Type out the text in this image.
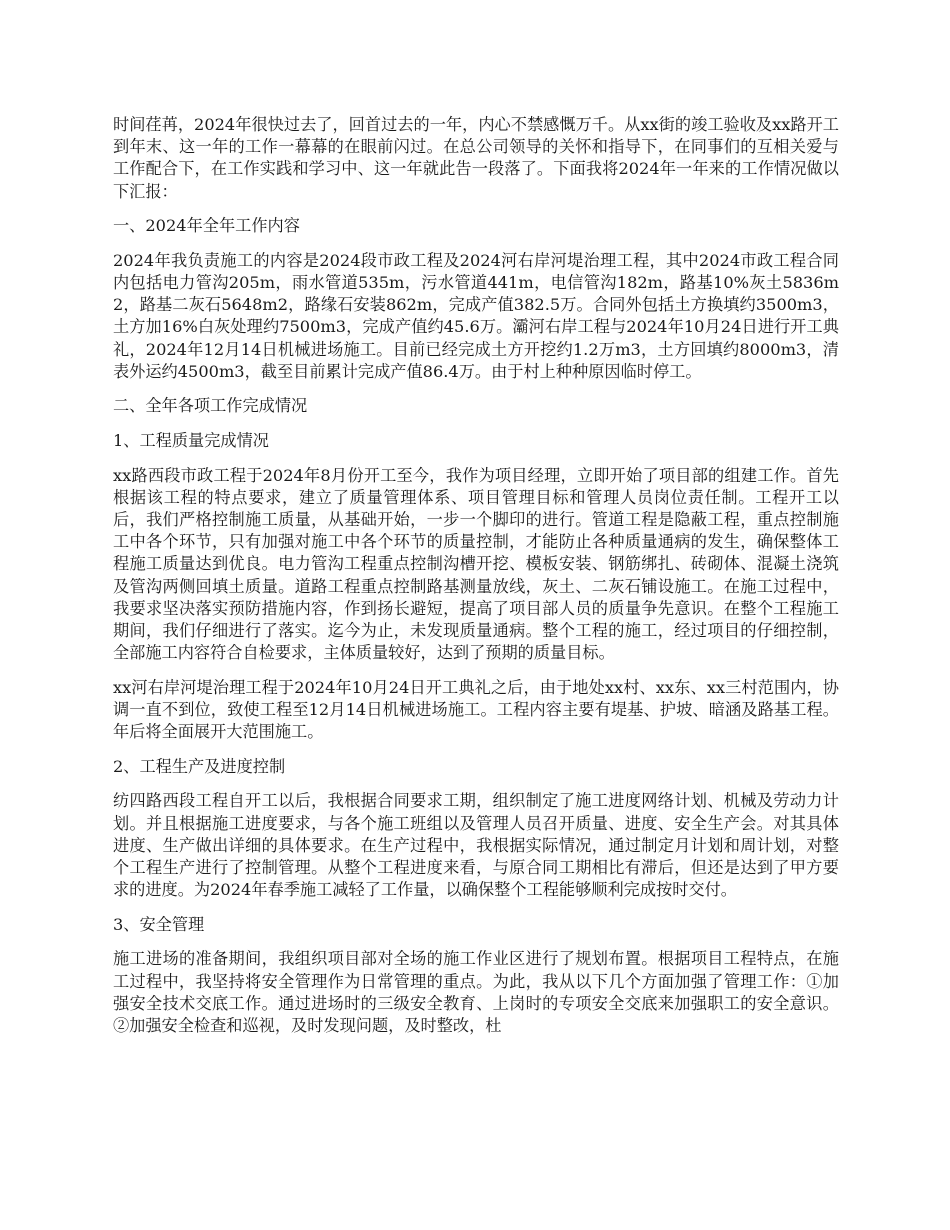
时间荏苒，2024年很快过去了，回首过去的一年，内心不禁感慨万千。从xx街的竣工验收及xx路开工到年末、这一年的工作一幕幕的在眼前闪过。在总公司领导的关怀和指导下，在同事们的互相关爱与工作配合下，在工作实践和学习中、这一年就此告一段落了。下面我将2024年一年来的工作情况做以下汇报：

一、2024年全年工作内容

2024年我负责施工的内容是2024段市政工程及2024河右岸河堤治理工程，其中2024市政工程合同内包括电力管沟205m，雨水管道535m，污水管道441m，电信管沟182m，路基10%灰土5836m2，路基二灰石5648m2，路缘石安装862m，完成产值382.5万。合同外包括土方换填约3500m3，土方加16%白灰处理约7500m3，完成产值约45.6万。灞河右岸工程与2024年10月24日进行开工典礼，2024年12月14日机械进场施工。目前已经完成土方开挖约1.2万m3，土方回填约8000m3，清表外运约4500m3，截至目前累计完成产值86.4万。由于村上种种原因临时停工。

二、全年各项工作完成情况

1、工程质量完成情况

xx路西段市政工程于2024年8月份开工至今，我作为项目经理，立即开始了项目部的组建工作。首先根据该工程的特点要求，建立了质量管理体系、项目管理目标和管理人员岗位责任制。工程开工以后，我们严格控制施工质量，从基础开始，一步一个脚印的进行。管道工程是隐蔽工程，重点控制施工中各个环节，只有加强对施工中各个环节的质量控制，才能防止各种质量通病的发生，确保整体工程施工质量达到优良。电力管沟工程重点控制沟槽开挖、模板安装、钢筋绑扎、砖砌体、混凝土浇筑及管沟两侧回填土质量。道路工程重点控制路基测量放线，灰土、二灰石铺设施工。在施工过程中，我要求坚决落实预防措施内容，作到扬长避短，提高了项目部人员的质量争先意识。在整个工程施工期间，我们仔细进行了落实。迄今为止，未发现质量通病。整个工程的施工，经过项目的仔细控制，全部施工内容符合自检要求，主体质量较好，达到了预期的质量目标。

xx河右岸河堤治理工程于2024年10月24日开工典礼之后，由于地处xx村、xx东、xx三村范围内，协调一直不到位，致使工程至12月14日机械进场施工。工程内容主要有堤基、护坡、暗涵及路基工程。年后将全面展开大范围施工。

2、工程生产及进度控制

纺四路西段工程自开工以后，我根据合同要求工期，组织制定了施工进度网络计划、机械及劳动力计划。并且根据施工进度要求，与各个施工班组以及管理人员召开质量、进度、安全生产会。对其具体进度、生产做出详细的具体要求。在生产过程中，我根据实际情况，通过制定月计划和周计划，对整个工程生产进行了控制管理。从整个工程进度来看，与原合同工期相比有滞后，但还是达到了甲方要求的进度。为2024年春季施工减轻了工作量，以确保整个工程能够顺利完成按时交付。

3、安全管理

施工进场的准备期间，我组织项目部对全场的施工作业区进行了规划布置。根据项目工程特点，在施工过程中，我坚持将安全管理作为日常管理的重点。为此，我从以下几个方面加强了管理工作：①加强安全技术交底工作。通过进场时的三级安全教育、上岗时的专项安全交底来加强职工的安全意识。②加强安全检查和巡视，及时发现问题，及时整改，杜
